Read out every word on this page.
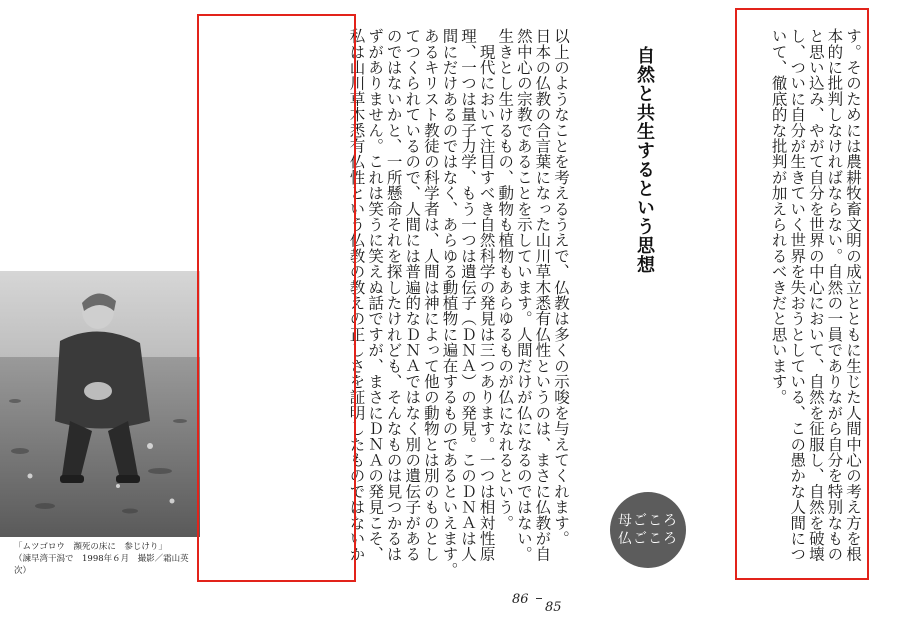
「ムツゴロウ　瀕死の床に　参じけり」
（諫早湾干潟で　1998年６月　撮影／霜山英次）
以上のようなことを考えるうえで、仏教は多くの示唆を与えてくれます。
日本の仏教の合言葉になった山川草木悉有仏性というのは、まさに仏教が自
然中心の宗教であることを示しています。人間だけが仏になるのではない。
生きとし生けるもの、動物も植物もあらゆるものが仏になれるという。
　現代において注目すべき自然科学の発見は三つあります。一つは相対性原
理、一つは量子力学、もう一つは遺伝子（ＤＮＡ）の発見。このＤＮＡは人
間にだけあるのではなく、あらゆる動植物に遍在するものであるといえます。
あるキリスト教徒の科学者は、人間は神によって他の動物とは別のものとし
てつくられているので、人間には普遍的なＤＮＡではなく別の遺伝子がある
のではないかと、一所懸命それを探したけれども、そんなものは見つかるは
ずがありません。これは笑うに笑えぬ話ですが、まさにＤＮＡの発見こそ、
私は山川草木悉有仏性という仏教の教えの正しさを証明したものではないか	自然と共生するという思想	す。そのためには農耕牧畜文明の成立とともに生じた人間中心の考え方を根
本的に批判しなければならない。自然の一員でありながら自分を特別なもの
と思い込み、やがて自分を世界の中心において、自然を征服し、自然を破壊
し、ついに自分が生きていく世界を失おうとしている、この愚かな人間につ
いて、徹底的な批判が加えられるべきだと思います。
母ごころ
仏ごころ
86
85
